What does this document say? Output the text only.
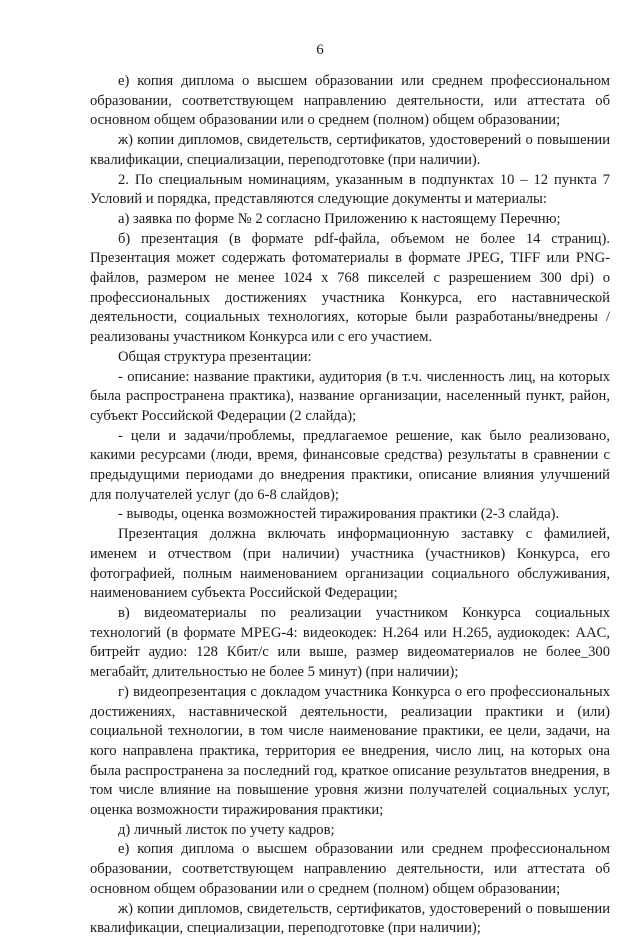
6

е) копия диплома о высшем образовании или среднем профессиональном образовании, соответствующем направлению деятельности, или аттестата об основном общем образовании или о среднем (полном) общем образовании;

ж) копии дипломов, свидетельств, сертификатов, удостоверений о повышении квалификации, специализации, переподготовке (при наличии).

2. По специальным номинациям, указанным в подпунктах 10 – 12 пункта 7 Условий и порядка, представляются следующие документы и материалы:

а) заявка по форме № 2 согласно Приложению к настоящему Перечню;

б) презентация (в формате pdf-файла, объемом не более 14 страниц). Презентация может содержать фотоматериалы в формате JPEG, TIFF или PNG-файлов, размером не менее 1024 x 768 пикселей с разрешением 300 dpi) о профессиональных достижениях участника Конкурса, его наставнической деятельности, социальных технологиях, которые были разработаны/внедрены /реализованы участником Конкурса или с его участием.

Общая структура презентации:

- описание: название практики, аудитория (в т.ч. численность лиц, на которых была распространена практика), название организации, населенный пункт, район, субъект Российской Федерации (2 слайда);

- цели и задачи/проблемы, предлагаемое решение, как было реализовано, какими ресурсами (люди, время, финансовые средства) результаты в сравнении с предыдущими периодами до внедрения практики, описание влияния улучшений для получателей услуг (до 6-8 слайдов);

- выводы, оценка возможностей тиражирования практики (2-3 слайда).

Презентация должна включать информационную заставку с фамилией, именем и отчеством (при наличии) участника (участников) Конкурса, его фотографией, полным наименованием организации социального обслуживания, наименованием субъекта Российской Федерации;

в) видеоматериалы по реализации участником Конкурса социальных технологий (в формате MPEG-4: видеокодек: H.264 или H.265, аудиокодек: AAC, битрейт аудио: 128 Кбит/с или выше, размер видеоматериалов не более_300 мегабайт, длительностью не более 5 минут) (при наличии);

г) видеопрезентация с докладом участника Конкурса о его профессиональных достижениях, наставнической деятельности, реализации практики и (или) социальной технологии, в том числе наименование практики, ее цели, задачи, на кого направлена практика, территория ее внедрения, число лиц, на которых она была распространена за последний год, краткое описание результатов внедрения, в том числе влияние на повышение уровня жизни получателей социальных услуг, оценка возможности тиражирования практики;

д) личный листок по учету кадров;

е) копия диплома о высшем образовании или среднем профессиональном образовании, соответствующем направлению деятельности, или аттестата об основном общем образовании или о среднем (полном) общем образовании;

ж) копии дипломов, свидетельств, сертификатов, удостоверений о повышении квалификации, специализации, переподготовке (при наличии);
